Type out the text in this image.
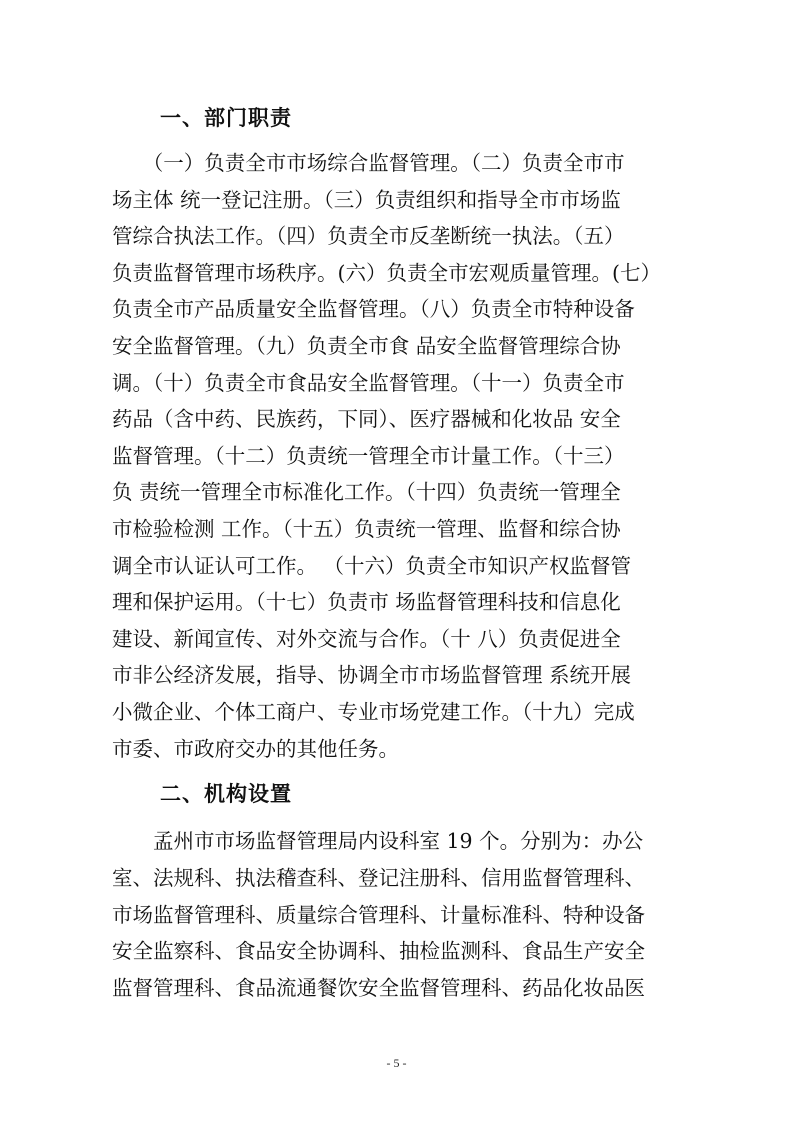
一、部门职责
　　（一）负责全市市场综合监督管理。（二）负责全市市
场主体 统一登记注册。（三）负责组织和指导全市市场监
管综合执法工作。（四）负责全市反垄断统一执法。（五）
负责监督管理市场秩序。(六）负责全市宏观质量管理。(七）
负责全市产品质量安全监督管理。（八）负责全市特种设备
安全监督管理。（九）负责全市食 品安全监督管理综合协
调。（十）负责全市食品安全监督管理。（十一）负责全市
药品（含中药、民族药，下同）、医疗器械和化妆品 安全
监督管理。（十二）负责统一管理全市计量工作。（十三）
负 责统一管理全市标准化工作。（十四）负责统一管理全
市检验检测 工作。（十五）负责统一管理、监督和综合协
调全市认证认可工作。 （十六）负责全市知识产权监督管
理和保护运用。（十七）负责市 场监督管理科技和信息化
建设、新闻宣传、对外交流与合作。（十 八）负责促进全
市非公经济发展，指导、协调全市市场监督管理 系统开展
小微企业、个体工商户、专业市场党建工作。（十九）完成
市委、市政府交办的其他任务。
二、机构设置
　　孟州市市场监督管理局内设科室 19 个。分别为：办公
室、法规科、执法稽查科、登记注册科、信用监督管理科、
市场监督管理科、质量综合管理科、计量标准科、特种设备
安全监察科、食品安全协调科、抽检监测科、食品生产安全
监督管理科、食品流通餐饮安全监督管理科、药品化妆品医
- 5 -
